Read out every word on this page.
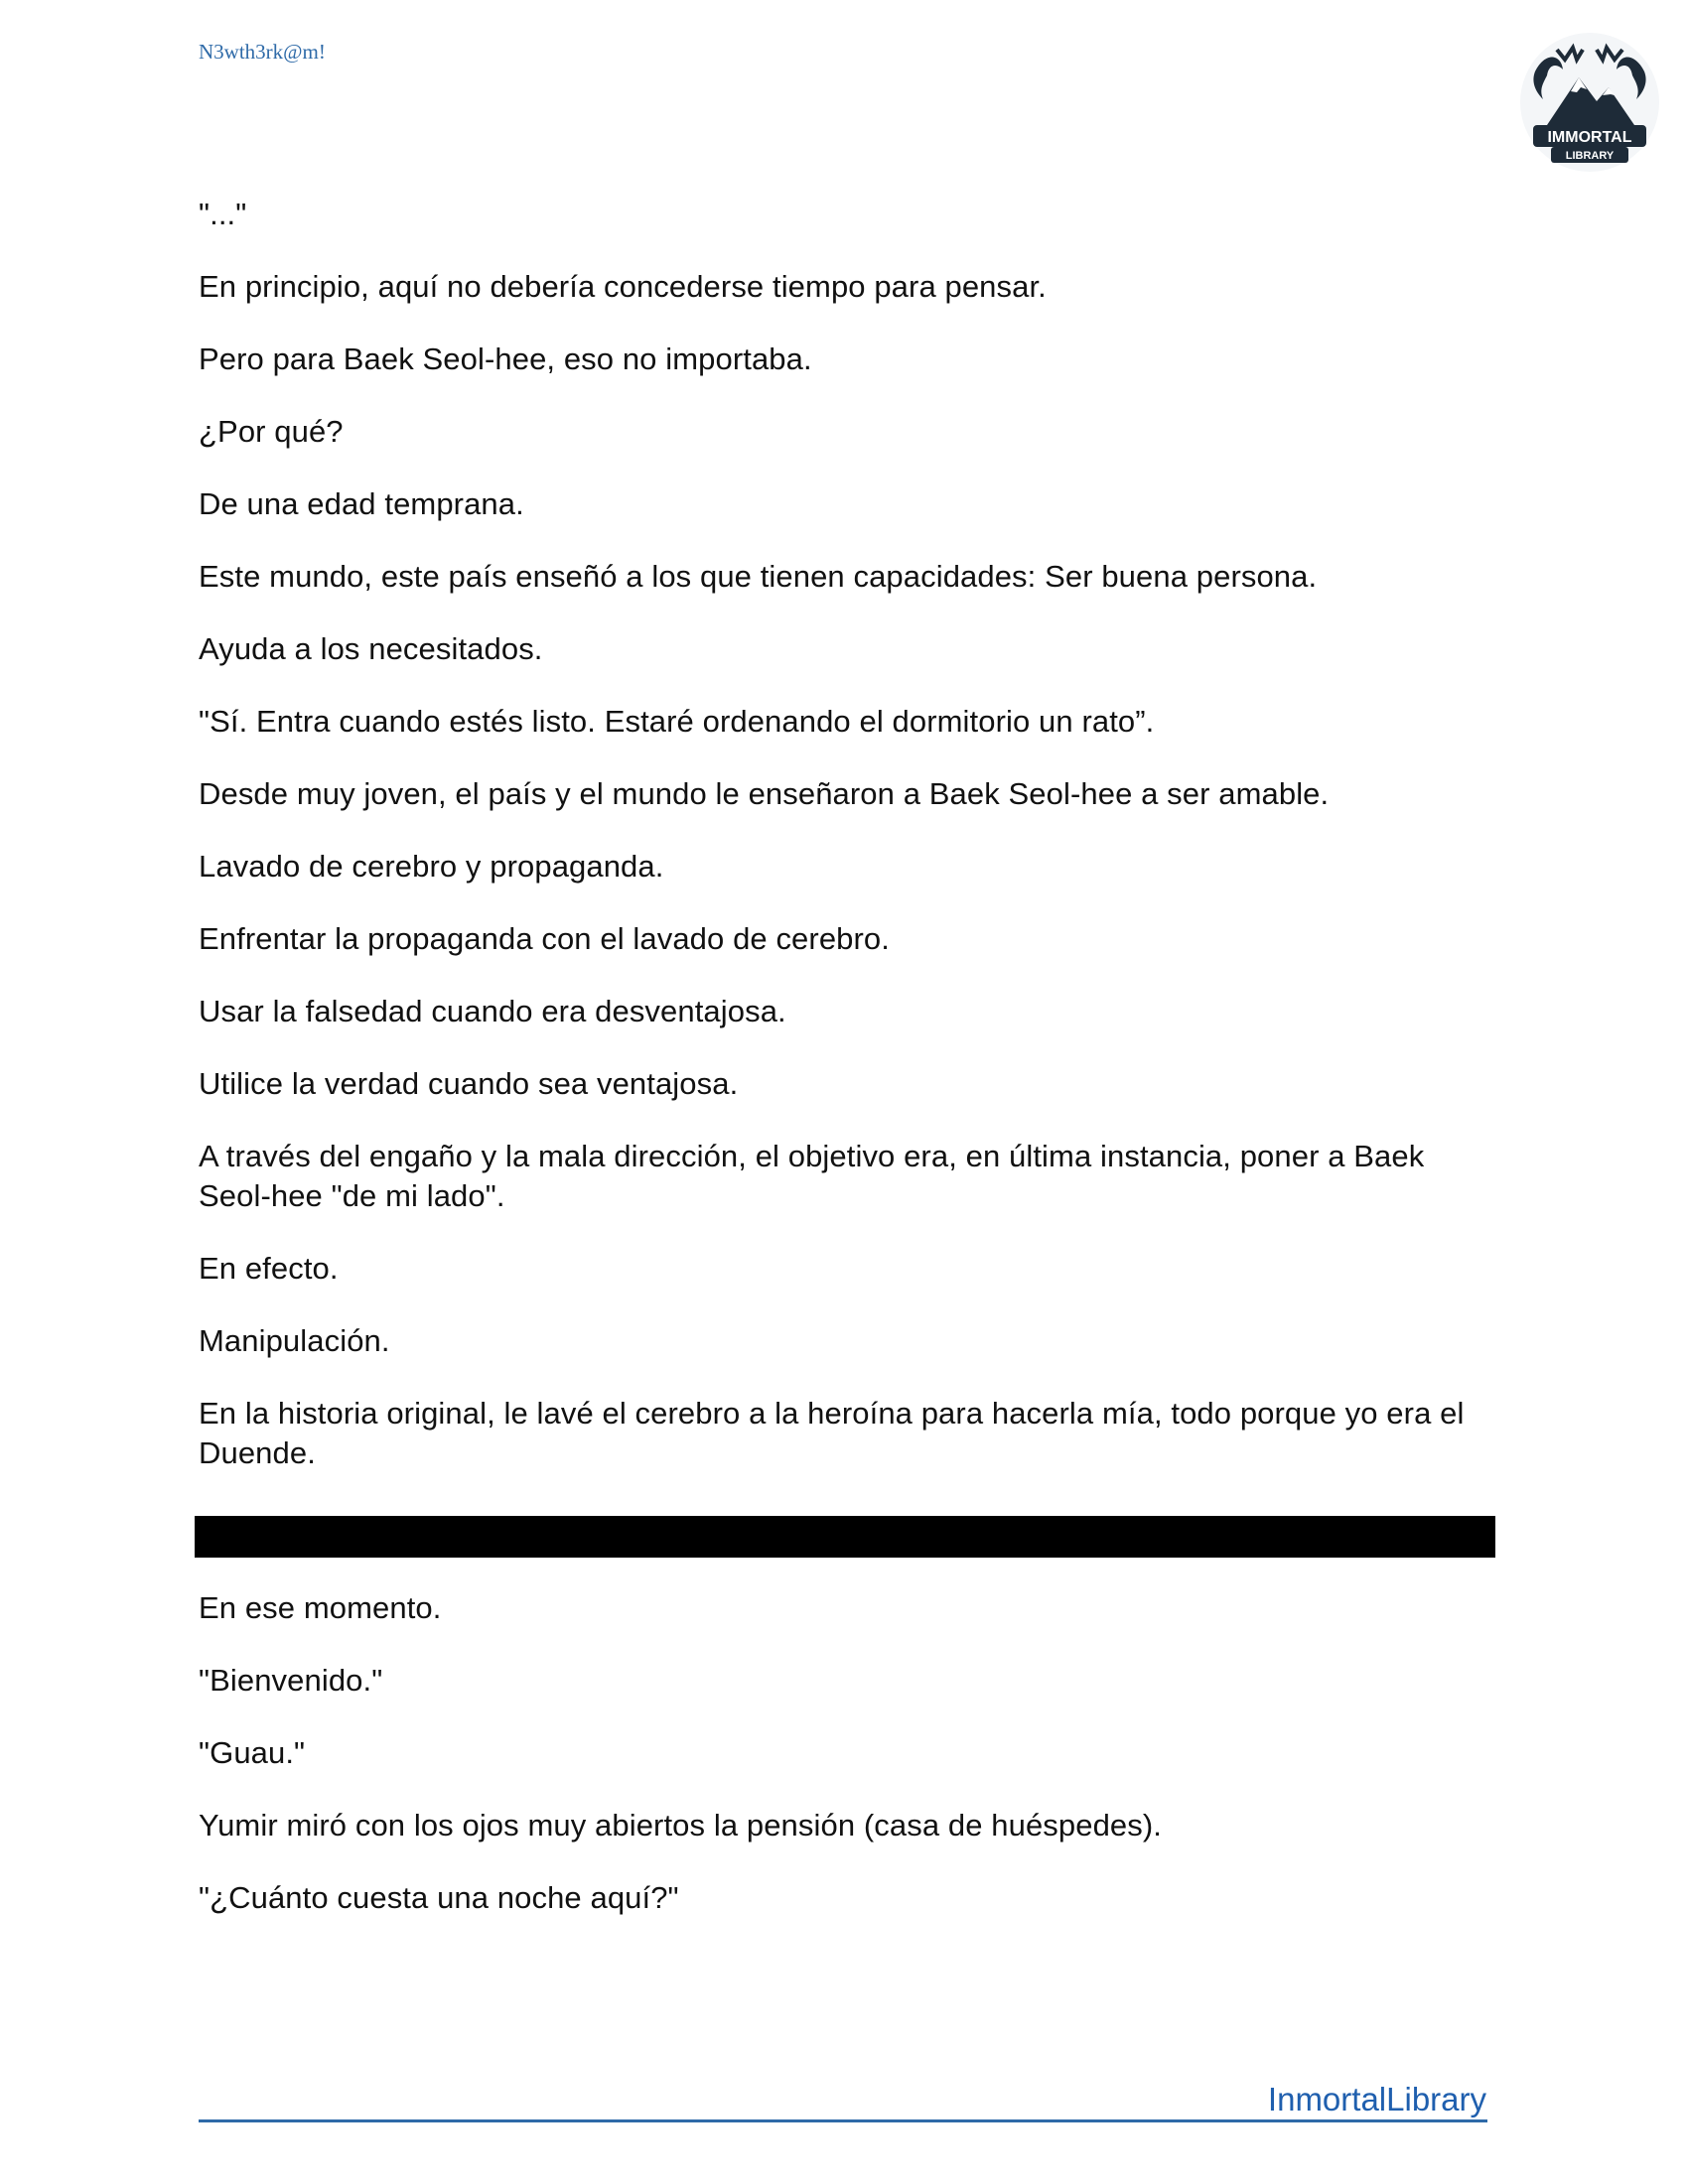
N3wth3rk@m!
IMMORTAL
LIBRARY

"..."

En principio, aquí no debería concederse tiempo para pensar.

Pero para Baek Seol-hee, eso no importaba.

¿Por qué?

De una edad temprana.

Este mundo, este país enseñó a los que tienen capacidades: Ser buena persona.

Ayuda a los necesitados.

"Sí. Entra cuando estés listo. Estaré ordenando el dormitorio un rato”.

Desde muy joven, el país y el mundo le enseñaron a Baek Seol-hee a ser amable.

Lavado de cerebro y propaganda.

Enfrentar la propaganda con el lavado de cerebro.

Usar la falsedad cuando era desventajosa.

Utilice la verdad cuando sea ventajosa.

A través del engaño y la mala dirección, el objetivo era, en última instancia, poner a Baek Seol-hee "de mi lado".

En efecto.

Manipulación.

En la historia original, le lavé el cerebro a la heroína para hacerla mía, todo porque yo era el Duende.

En ese momento.

"Bienvenido."

"Guau."

Yumir miró con los ojos muy abiertos la pensión (casa de huéspedes).

"¿Cuánto cuesta una noche aquí?"

InmortalLibrary
